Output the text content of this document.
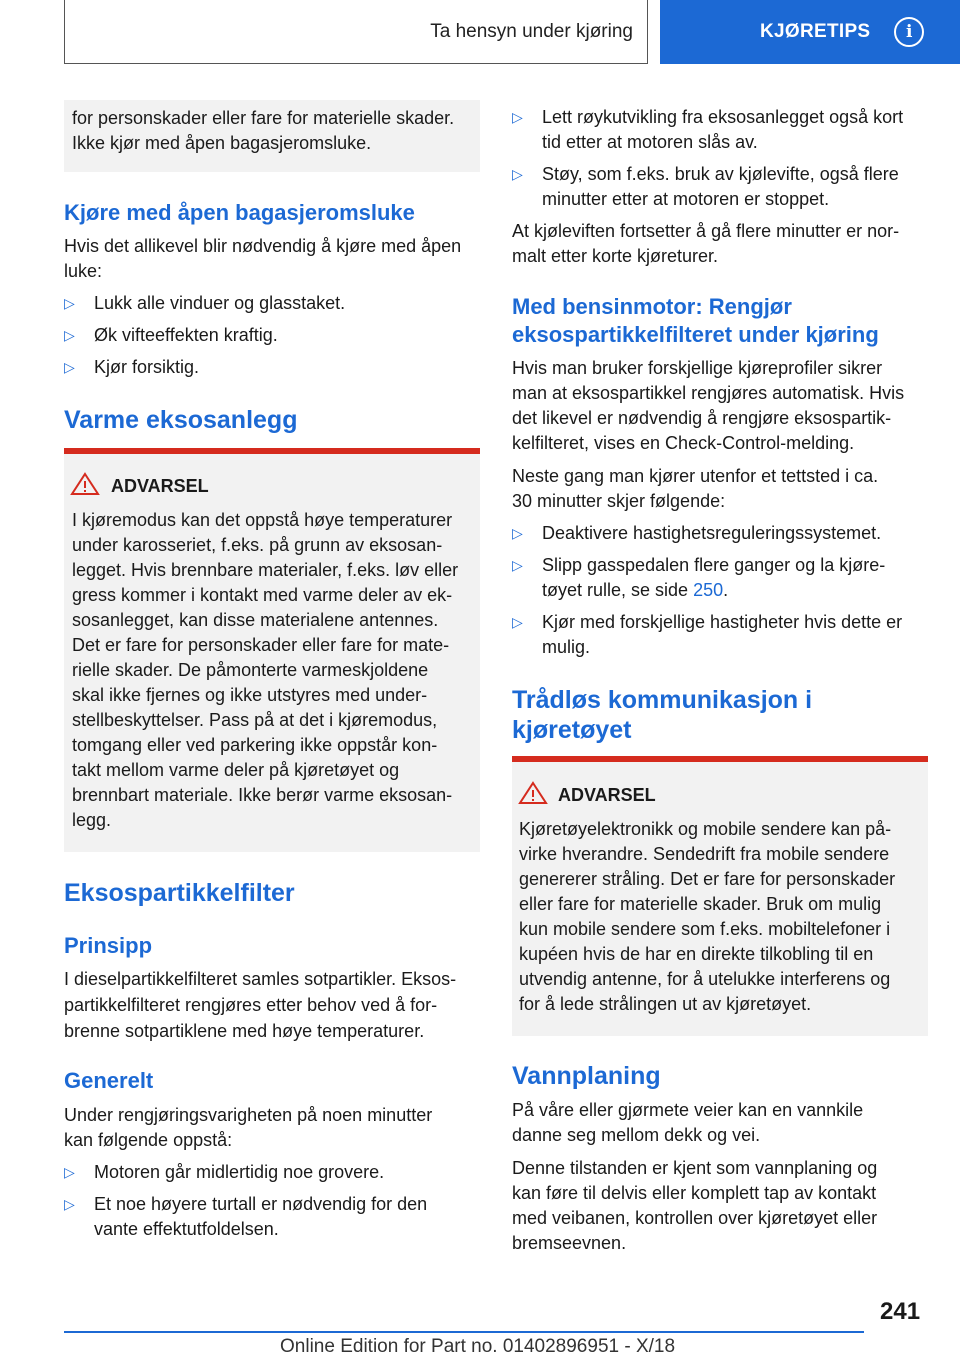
Ta hensyn under kjøring	KJØRETIPS	i
for personskader eller fare for materielle skader.
Ikke kjør med åpen bagasjeromsluke.
Kjøre med åpen bagasjeromsluke
Hvis det allikevel blir nødvendig å kjøre med åpen
luke:
▷ Lukk alle vinduer og glasstaket.
▷ Øk vifteeffekten kraftig.
▷ Kjør forsiktig.
Varme eksosanlegg
ADVARSEL
I kjøremodus kan det oppstå høye temperaturer
under karosseriet, f.eks. på grunn av eksosan-
legget. Hvis brennbare materialer, f.eks. løv eller
gress kommer i kontakt med varme deler av ek-
sosanlegget, kan disse materialene antennes.
Det er fare for personskader eller fare for mate-
rielle skader. De påmonterte varmeskjoldene
skal ikke fjernes og ikke utstyres med under-
stellbeskyttelser. Pass på at det i kjøremodus,
tomgang eller ved parkering ikke oppstår kon-
takt mellom varme deler på kjøretøyet og
brennbart materiale. Ikke berør varme eksosan-
legg.
Eksospartikkelfilter
Prinsipp
I dieselpartikkelfilteret samles sotpartikler. Eksos-
partikkelfilteret rengjøres etter behov ved å for-
brenne sotpartiklene med høye temperaturer.
Generelt
Under rengjøringsvarigheten på noen minutter
kan følgende oppstå:
▷ Motoren går midlertidig noe grovere.
▷ Et noe høyere turtall er nødvendig for den
vante effektutfoldelsen.
▷ Lett røykutvikling fra eksosanlegget også kort
tid etter at motoren slås av.
▷ Støy, som f.eks. bruk av kjølevifte, også flere
minutter etter at motoren er stoppet.
At kjøleviften fortsetter å gå flere minutter er nor-
malt etter korte kjøreturer.
Med bensinmotor: Rengjør
eksospartikkelfilteret under kjøring
Hvis man bruker forskjellige kjøreprofiler sikrer
man at eksospartikkel rengjøres automatisk. Hvis
det likevel er nødvendig å rengjøre eksospartik-
kelfilteret, vises en Check-Control-melding.
Neste gang man kjører utenfor et tettsted i ca.
30 minutter skjer følgende:
▷ Deaktivere hastighetsreguleringssystemet.
▷ Slipp gasspedalen flere ganger og la kjøre-
tøyet rulle, se side 250.
▷ Kjør med forskjellige hastigheter hvis dette er
mulig.
Trådløs kommunikasjon i
kjøretøyet
ADVARSEL
Kjøretøyelektronikk og mobile sendere kan på-
virke hverandre. Sendedrift fra mobile sendere
genererer stråling. Det er fare for personskader
eller fare for materielle skader. Bruk om mulig
kun mobile sendere som f.eks. mobiltelefoner i
kupéen hvis de har en direkte tilkobling til en
utvendig antenne, for å utelukke interferens og
for å lede strålingen ut av kjøretøyet.
Vannplaning
På våre eller gjørmete veier kan en vannkile
danne seg mellom dekk og vei.
Denne tilstanden er kjent som vannplaning og
kan føre til delvis eller komplett tap av kontakt
med veibanen, kontrollen over kjøretøyet eller
bremseevnen.
241
Online Edition for Part no. 01402896951 - X/18
